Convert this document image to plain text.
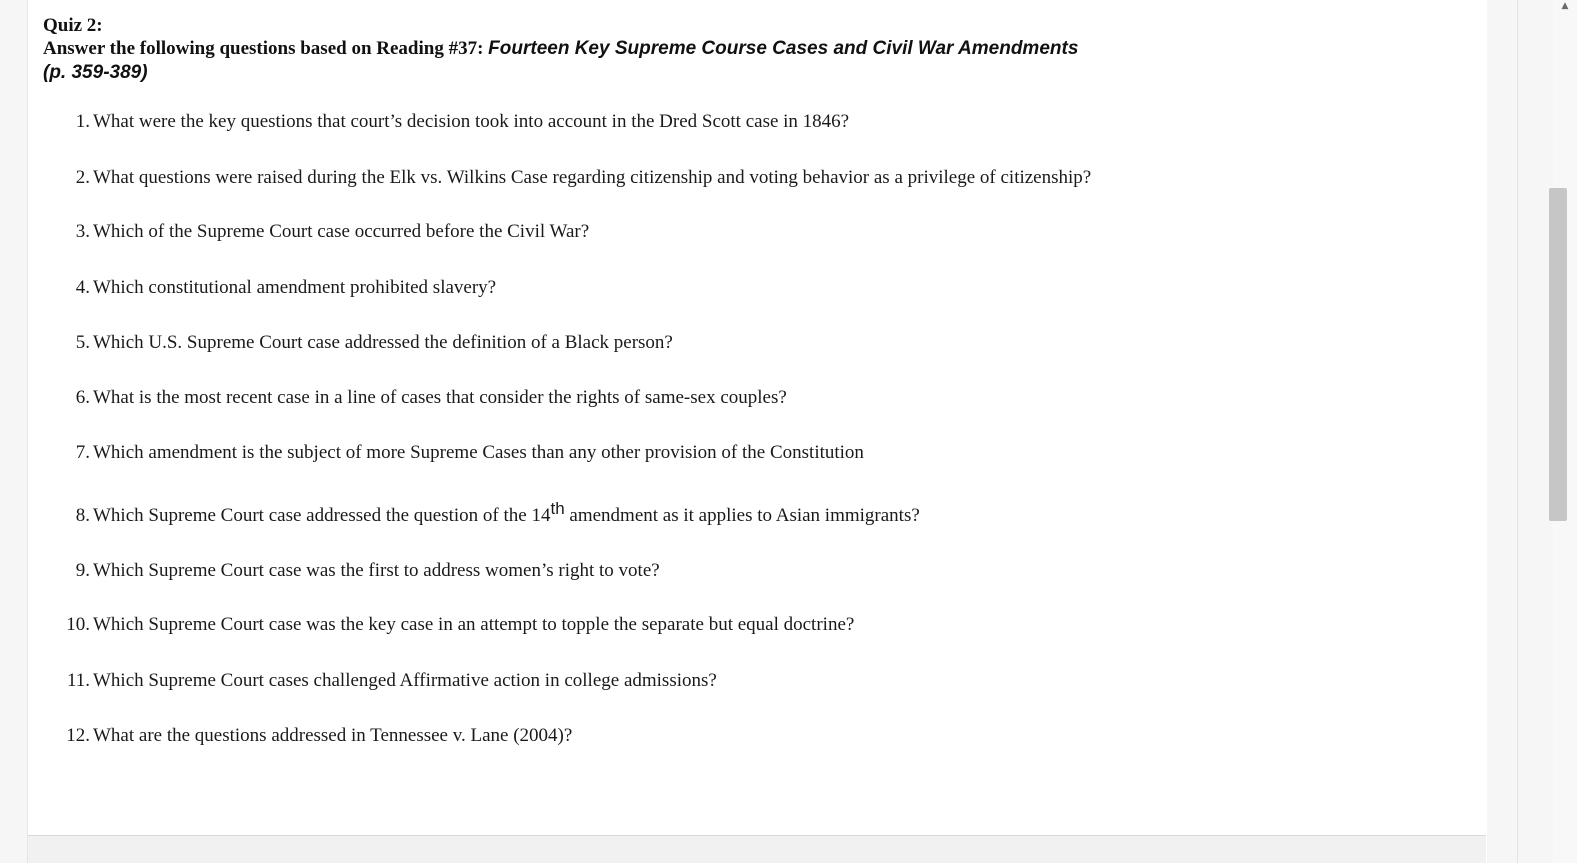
Quiz 2:
Answer the following questions based on Reading #37: Fourteen Key Supreme Course Cases and Civil War Amendments
(p. 359-389)
1. What were the key questions that court’s decision took into account in the Dred Scott case in 1846?
2. What questions were raised during the Elk vs. Wilkins Case regarding citizenship and voting behavior as a privilege of citizenship?
3. Which of the Supreme Court case occurred before the Civil War?
4. Which constitutional amendment prohibited slavery?
5. Which U.S. Supreme Court case addressed the definition of a Black person?
6. What is the most recent case in a line of cases that consider the rights of same-sex couples?
7. Which amendment is the subject of more Supreme Cases than any other provision of the Constitution
8. Which Supreme Court case addressed the question of the 14th amendment as it applies to Asian immigrants?
9. Which Supreme Court case was the first to address women’s right to vote?
10. Which Supreme Court case was the key case in an attempt to topple the separate but equal doctrine?
11. Which Supreme Court cases challenged Affirmative action in college admissions?
12. What are the questions addressed in Tennessee v. Lane (2004)?
▲
